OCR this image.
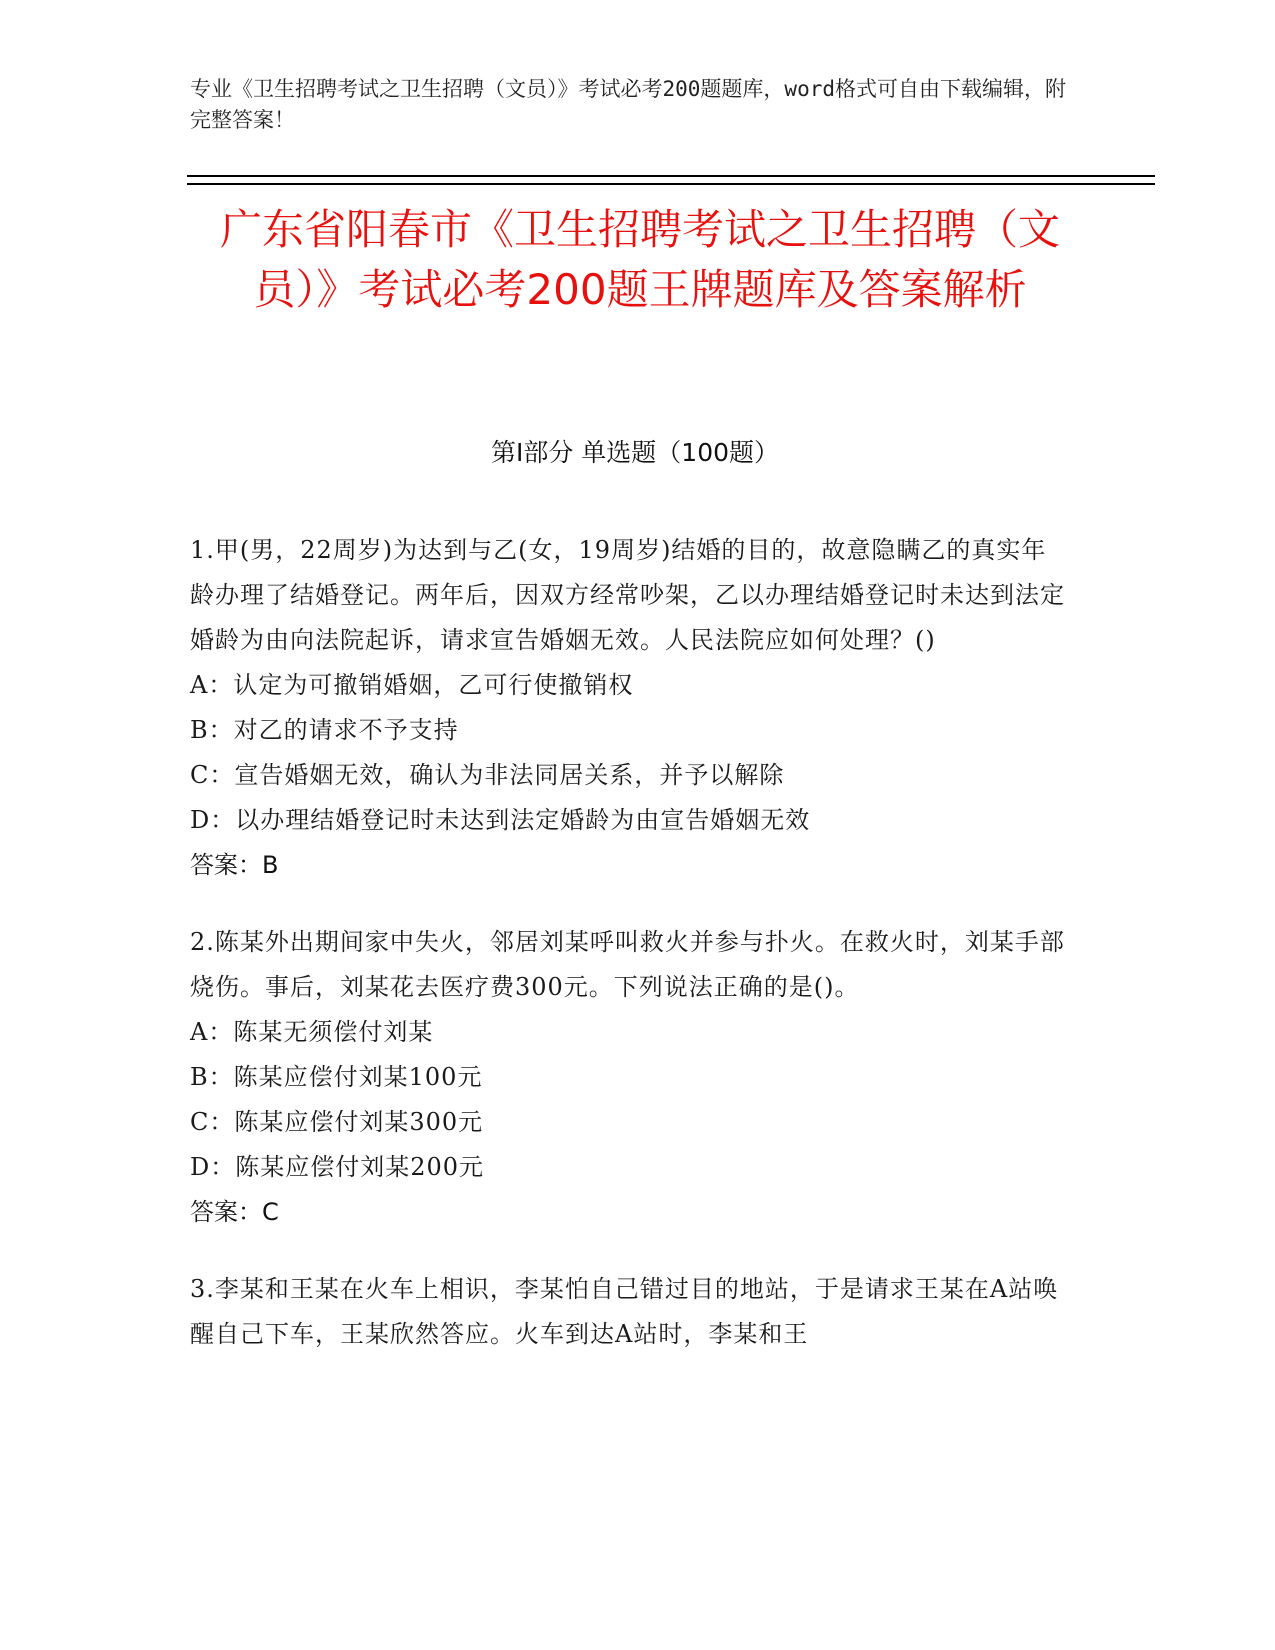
专业《卫生招聘考试之卫生招聘（文员）》考试必考200题题库，word格式可自由下载编辑，附完整答案！

广东省阳春市《卫生招聘考试之卫生招聘（文员）》考试必考200题王牌题库及答案解析
第I部分 单选题（100题）

1.甲(男，22周岁)为达到与乙(女，19周岁)结婚的目的，故意隐瞒乙的真实年龄办理了结婚登记。两年后，因双方经常吵架，乙以办理结婚登记时未达到法定婚龄为由向法院起诉，请求宣告婚姻无效。人民法院应如何处理？()

A：认定为可撤销婚姻，乙可行使撤销权

B：对乙的请求不予支持

C：宣告婚姻无效，确认为非法同居关系，并予以解除

D：以办理结婚登记时未达到法定婚龄为由宣告婚姻无效

答案：B

2.陈某外出期间家中失火，邻居刘某呼叫救火并参与扑火。在救火时，刘某手部烧伤。事后，刘某花去医疗费300元。下列说法正确的是()。

A：陈某无须偿付刘某

B：陈某应偿付刘某100元

C：陈某应偿付刘某300元

D：陈某应偿付刘某200元

答案：C

3.李某和王某在火车上相识，李某怕自己错过目的地站，于是请求王某在A站唤醒自己下车，王某欣然答应。火车到达A站时，李某和王
